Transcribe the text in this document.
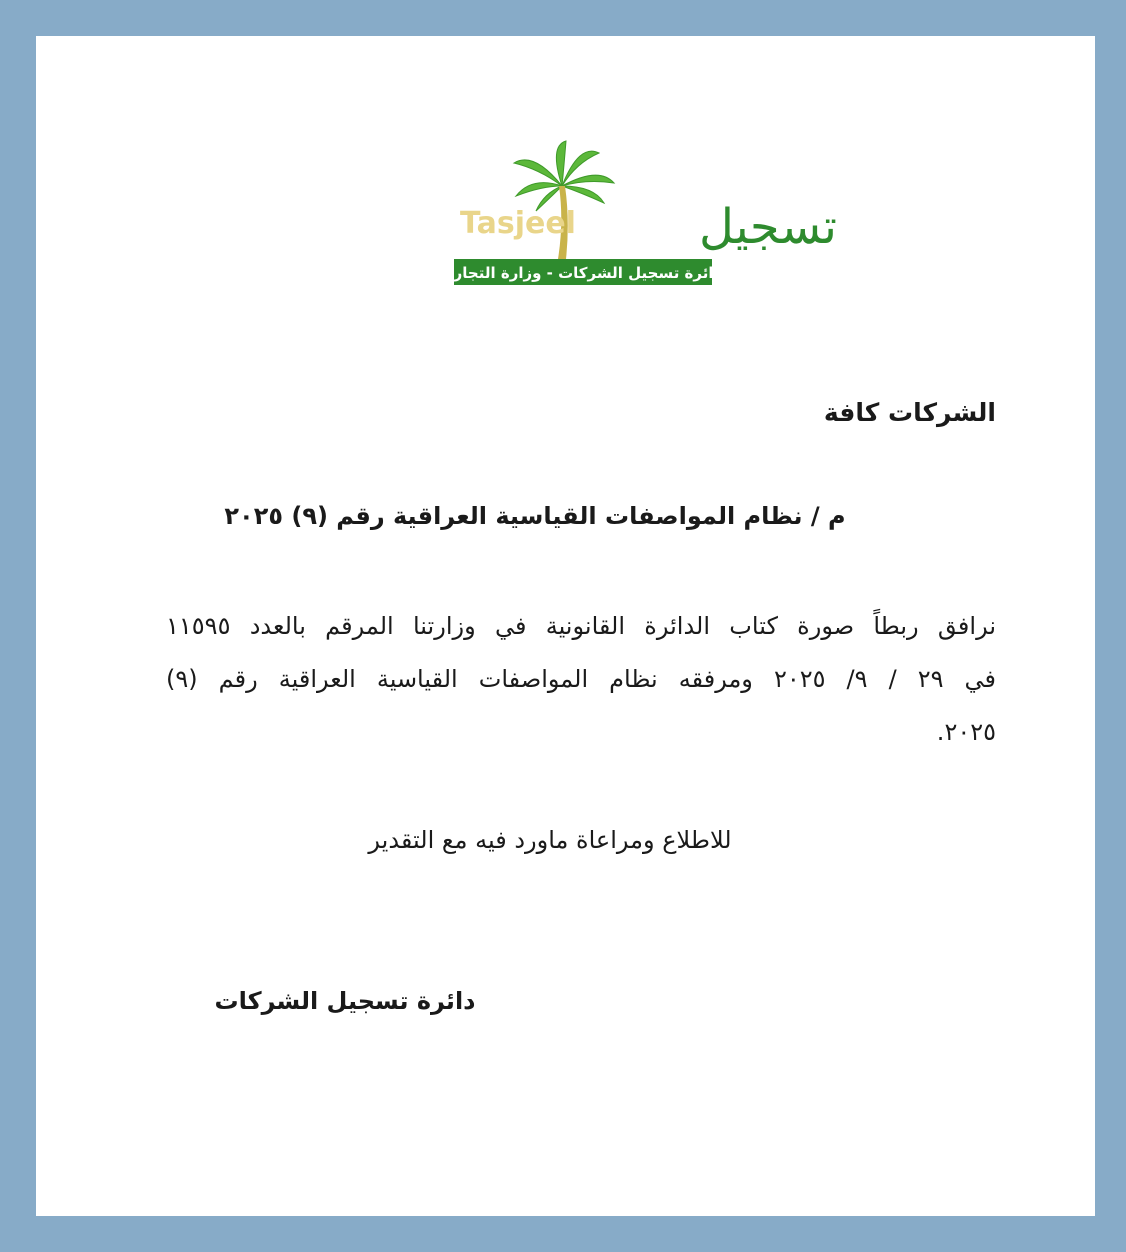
Tasjeel	تسجيل
دائرة تسجيل الشركات - وزارة التجارة
الشركات كافة
م / نظام المواصفات القياسية العراقية رقم (٩) ٢٠٢٥
نرافق ربطاً صورة كتاب الدائرة القانونية في وزارتنا المرقم بالعدد ١١٥٩٥
في ٢٩ / ٩/ ٢٠٢٥ ومرفقه نظام المواصفات القياسية العراقية رقم (٩)
٢٠٢٥.
للاطلاع ومراعاة ماورد فيه مع التقدير
دائرة تسجيل الشركات
